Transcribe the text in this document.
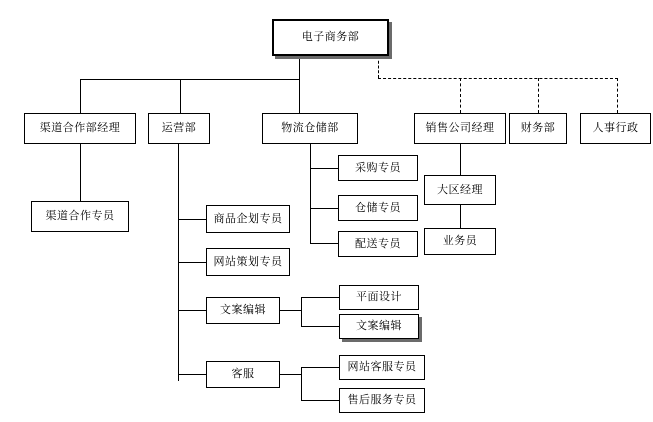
电子商务部
渠道合作部经理	运营部	物流仓储部	销售公司经理 财务部	人事行政
渠道合作专员
采购专员
仓储专员
配送专员
大区经理
业务员
商品企划专员
网站策划专员
文案编辑
客服
平面设计
文案编辑
网站客服专员
售后服务专员
